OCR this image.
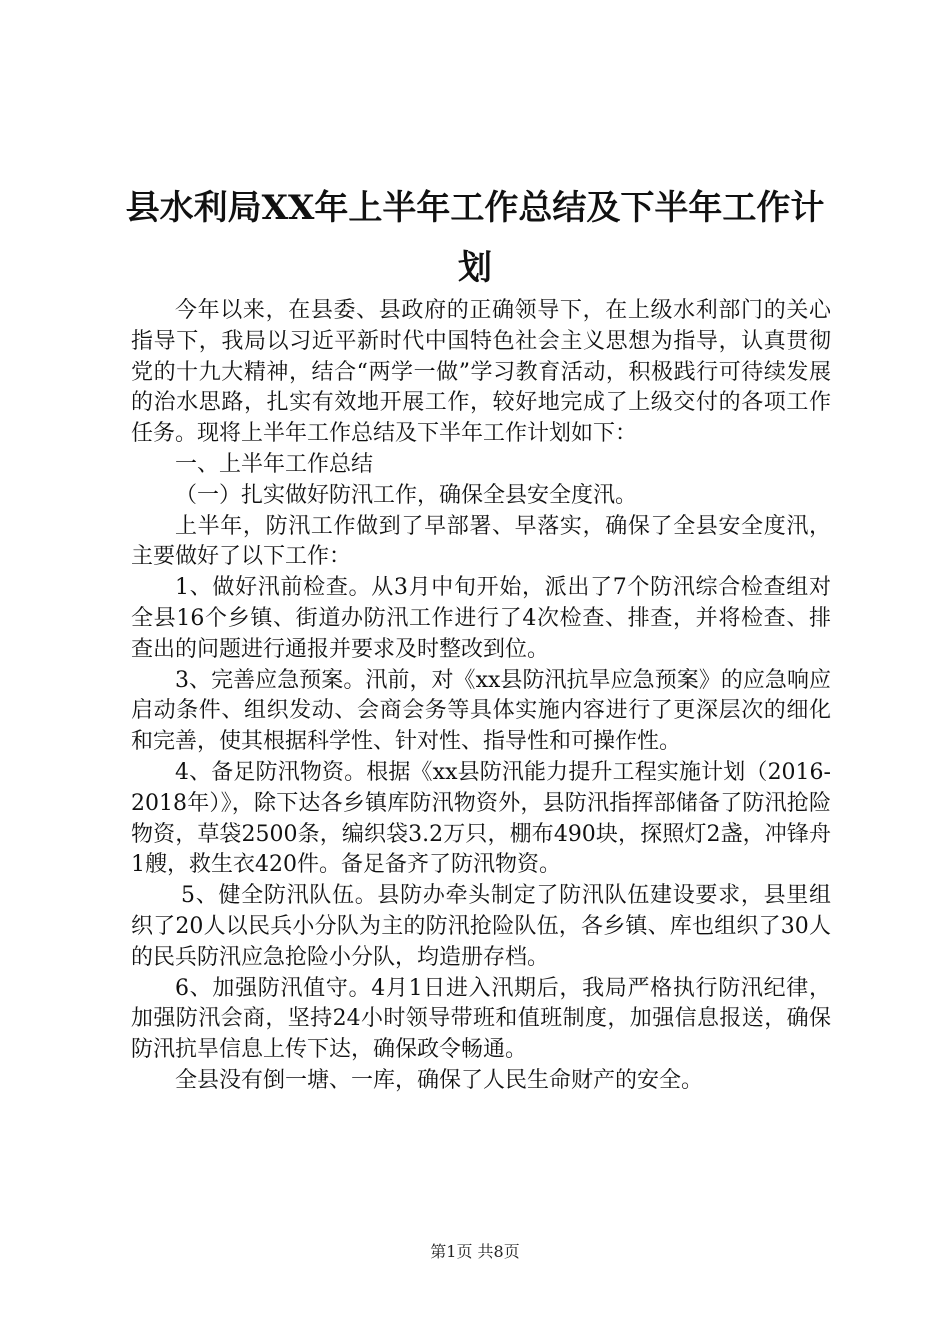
县水利局XX年上半年工作总结及下半年工作计划

今年以来，在县委、县政府的正确领导下，在上级水利部门的关心指导下，我局以习近平新时代中国特色社会主义思想为指导，认真贯彻党的十九大精神，结合“两学一做”学习教育活动，积极践行可待续发展的治水思路，扎实有效地开展工作，较好地完成了上级交付的各项工作任务。现将上半年工作总结及下半年工作计划如下：

一、上半年工作总结

（一）扎实做好防汛工作，确保全县安全度汛。

上半年，防汛工作做到了早部署、早落实，确保了全县安全度汛，主要做好了以下工作：

1、做好汛前检查。从3月中旬开始，派出了7个防汛综合检查组对全县16个乡镇、街道办防汛工作进行了4次检查、排查，并将检查、排查出的问题进行通报并要求及时整改到位。

3、完善应急预案。汛前，对《xx县防汛抗旱应急预案》的应急响应启动条件、组织发动、会商会务等具体实施内容进行了更深层次的细化和完善，使其根据科学性、针对性、指导性和可操作性。

4、备足防汛物资。根据《xx县防汛能力提升工程实施计划（2016-2018年）》，除下达各乡镇库防汛物资外，县防汛指挥部储备了防汛抢险物资，草袋2500条，编织袋3.2万只，棚布490块，探照灯2盏，冲锋舟1艘，救生衣420件。备足备齐了防汛物资。

5、健全防汛队伍。县防办牵头制定了防汛队伍建设要求，县里组织了20人以民兵小分队为主的防汛抢险队伍，各乡镇、库也组织了30人的民兵防汛应急抢险小分队，均造册存档。

6、加强防汛值守。4月1日进入汛期后，我局严格执行防汛纪律，加强防汛会商，坚持24小时领导带班和值班制度，加强信息报送，确保防汛抗旱信息上传下达，确保政令畅通。

全县没有倒一塘、一库，确保了人民生命财产的安全。

第1页 共8页
